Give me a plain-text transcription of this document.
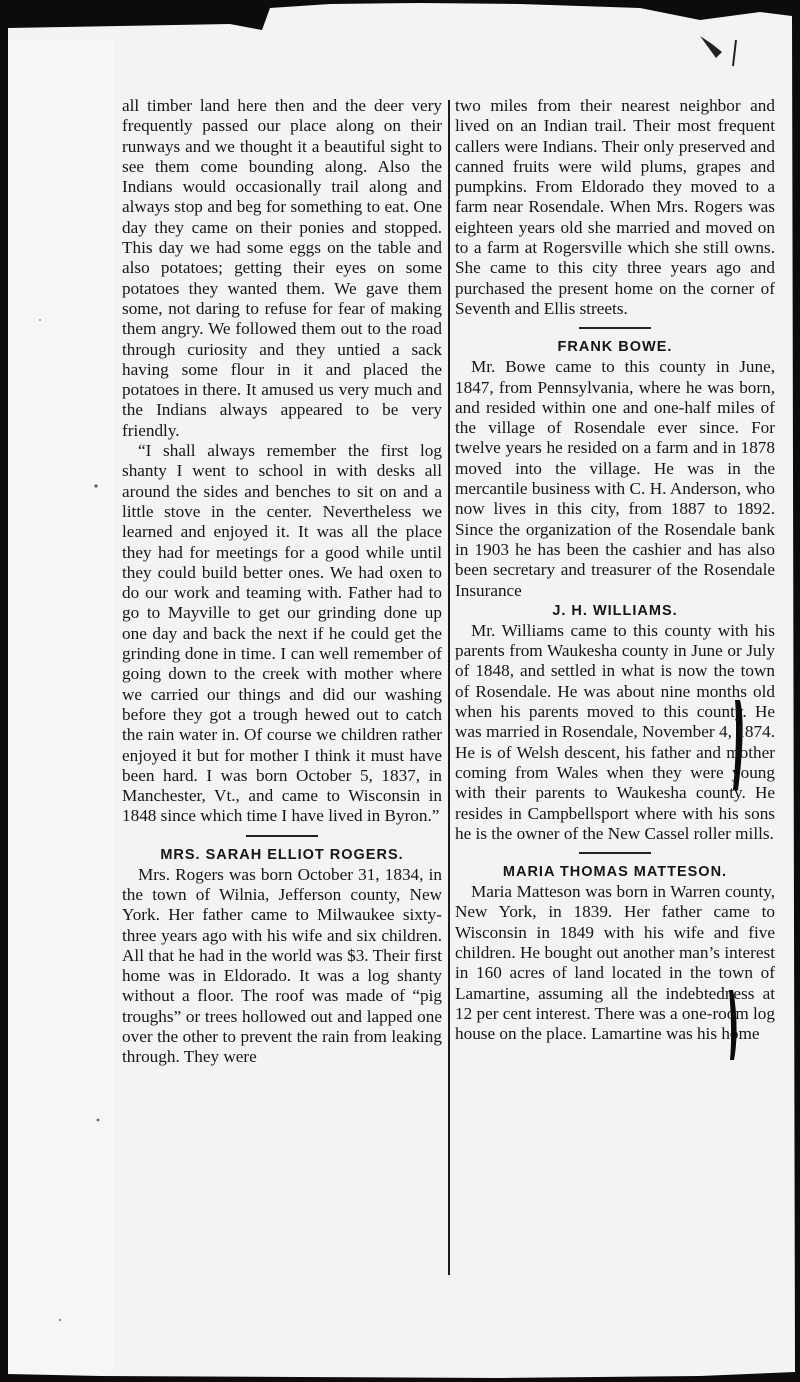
all timber land here then and the deer very frequently passed our place along on their runways and we thought it a beautiful sight to see them come bounding along. Also the Indians would occasionally trail along and always stop and beg for something to eat. One day they came on their ponies and stopped. This day we had some eggs on the table and also potatoes; getting their eyes on some potatoes they wanted them. We gave them some, not daring to refuse for fear of making them angry. We followed them out to the road through curiosity and they untied a sack having some flour in it and placed the potatoes in there. It amused us very much and the Indians always appeared to be very friendly.

“I shall always remember the first log shanty I went to school in with desks all around the sides and benches to sit on and a little stove in the center. Nevertheless we learned and enjoyed it. It was all the place they had for meetings for a good while until they could build better ones. We had oxen to do our work and teaming with. Father had to go to Mayville to get our grinding done up one day and back the next if he could get the grinding done in time. I can well remember of going down to the creek with mother where we carried our things and did our washing before they got a trough hewed out to catch the rain water in. Of course we children rather enjoyed it but for mother I think it must have been hard. I was born October 5, 1837, in Manchester, Vt., and came to Wisconsin in 1848 since which time I have lived in Byron.”

MRS. SARAH ELLIOT ROGERS.

Mrs. Rogers was born October 31, 1834, in the town of Wilnia, Jefferson county, New York. Her father came to Milwaukee sixty-three years ago with his wife and six children. All that he had in the world was $3. Their first home was in Eldorado. It was a log shanty without a floor. The roof was made of “pig troughs” or trees hollowed out and lapped one over the other to prevent the rain from leaking through. They were

two miles from their nearest neighbor and lived on an Indian trail. Their most frequent callers were Indians. Their only preserved and canned fruits were wild plums, grapes and pumpkins. From Eldorado they moved to a farm near Rosendale. When Mrs. Rogers was eighteen years old she married and moved on to a farm at Rogersville which she still owns. She came to this city three years ago and purchased the present home on the corner of Seventh and Ellis streets.

FRANK BOWE.

Mr. Bowe came to this county in June, 1847, from Pennsylvania, where he was born, and resided within one and one-half miles of the village of Rosendale ever since. For twelve years he resided on a farm and in 1878 moved into the village. He was in the mercantile business with C. H. Anderson, who now lives in this city, from 1887 to 1892. Since the organization of the Rosendale bank in 1903 he has been the cashier and has also been secretary and treasurer of the Rosendale Insurance

J. H. WILLIAMS.

Mr. Williams came to this county with his parents from Waukesha county in June or July of 1848, and settled in what is now the town of Rosendale. He was about nine months old when his parents moved to this county. He was married in Rosendale, November 4, 1874. He is of Welsh descent, his father and mother coming from Wales when they were young with their parents to Waukesha county. He resides in Campbellsport where with his sons he is the owner of the New Cassel roller mills.

MARIA THOMAS MATTESON.

Maria Matteson was born in Warren county, New York, in 1839. Her father came to Wisconsin in 1849 with his wife and five children. He bought out another man’s interest in 160 acres of land located in the town of Lamartine, assuming all the indebtedness at 12 per cent interest. There was a one-room log house on the place. Lamartine was his home
